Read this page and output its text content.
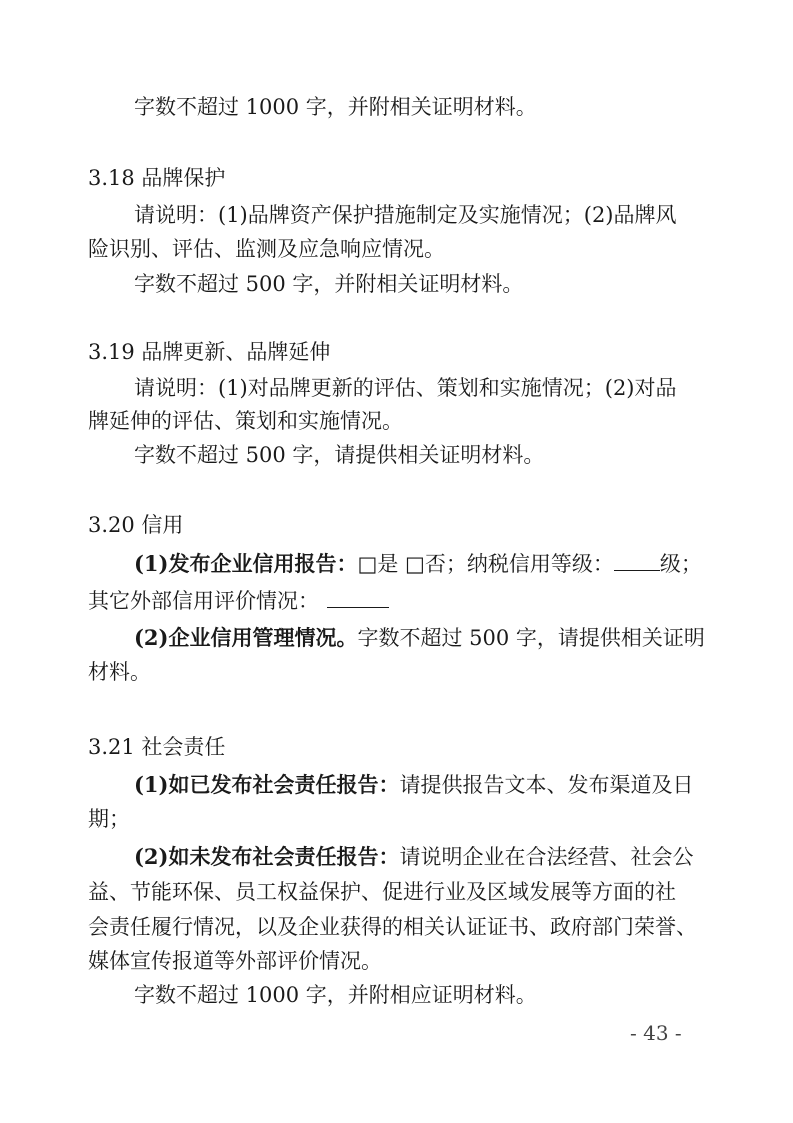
字数不超过 1000 字，并附相关证明材料。
3.18 品牌保护
请说明：(1)品牌资产保护措施制定及实施情况；(2)品牌风
险识别、评估、监测及应急响应情况。
字数不超过 500 字，并附相关证明材料。
3.19 品牌更新、品牌延伸
请说明：(1)对品牌更新的评估、策划和实施情况；(2)对品
牌延伸的评估、策划和实施情况。
字数不超过 500 字，请提供相关证明材料。
3.20 信用
(1)发布企业信用报告：□是 □否；纳税信用等级： 级；
其它外部信用评价情况：
(2)企业信用管理情况。字数不超过 500 字，请提供相关证明
材料。
3.21 社会责任
(1)如已发布社会责任报告：请提供报告文本、发布渠道及日
期；
(2)如未发布社会责任报告：请说明企业在合法经营、社会公
益、节能环保、员工权益保护、促进行业及区域发展等方面的社
会责任履行情况，以及企业获得的相关认证证书、政府部门荣誉、
媒体宣传报道等外部评价情况。
字数不超过 1000 字，并附相应证明材料。
- 43 -
